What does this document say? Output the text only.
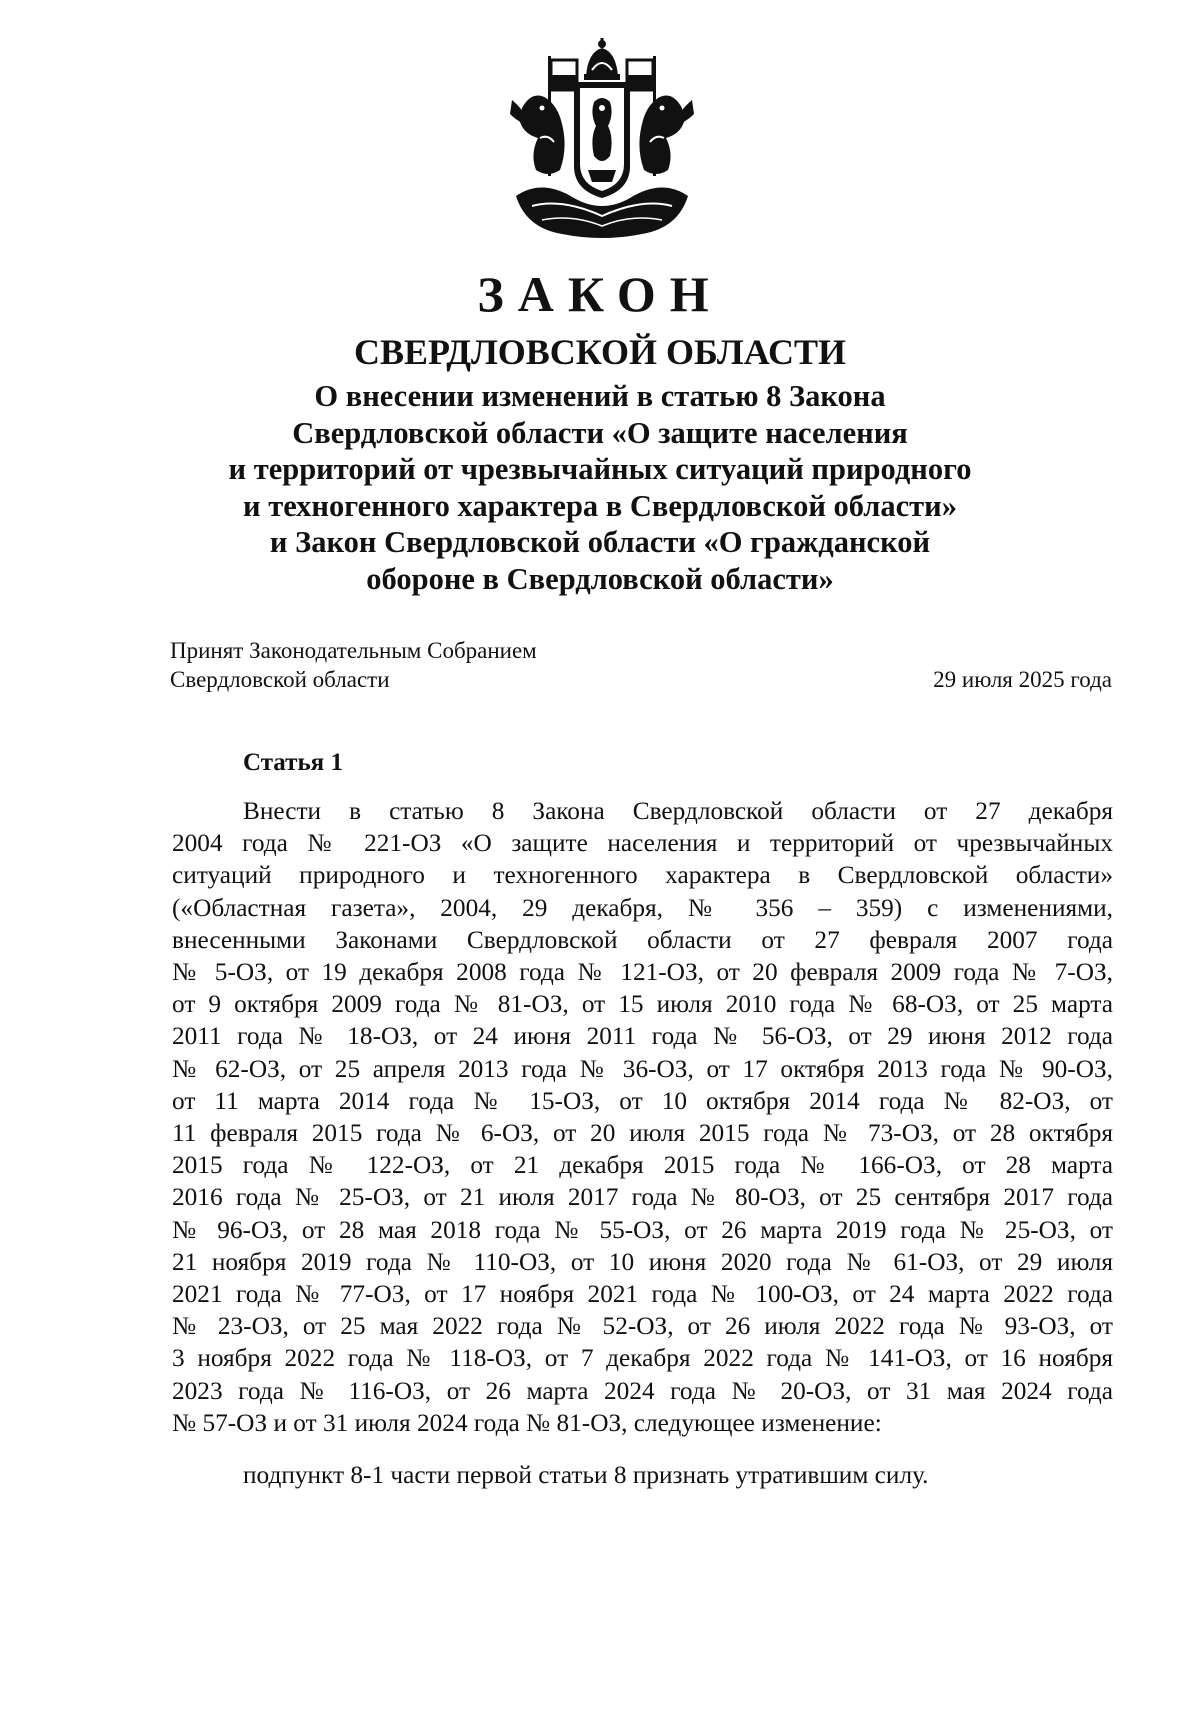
ЗАКОН
СВЕРДЛОВСКОЙ ОБЛАСТИ
О внесении изменений в статью 8 Закона
Свердловской области «О защите населения
и территорий от чрезвычайных ситуаций природного
и техногенного характера в Свердловской области»
и Закон Свердловской области «О гражданской
обороне в Свердловской области»
Принят Законодательным Собранием
Свердловской области	29 июля 2025 года
Статья 1
Внести в статью 8 Закона Свердловской области от 27 декабря
2004 года № 221-ОЗ «О защите населения и территорий от чрезвычайных
ситуаций природного и техногенного характера в Свердловской области»
(«Областная газета», 2004, 29 декабря, № 356 – 359) с изменениями,
внесенными Законами Свердловской области от 27 февраля 2007 года
№ 5-ОЗ, от 19 декабря 2008 года № 121-ОЗ, от 20 февраля 2009 года № 7-ОЗ,
от 9 октября 2009 года № 81-ОЗ, от 15 июля 2010 года № 68-ОЗ, от 25 марта
2011 года № 18-ОЗ, от 24 июня 2011 года № 56-ОЗ, от 29 июня 2012 года
№ 62-ОЗ, от 25 апреля 2013 года № 36-ОЗ, от 17 октября 2013 года № 90-ОЗ,
от 11 марта 2014 года № 15-ОЗ, от 10 октября 2014 года № 82-ОЗ, от
11 февраля 2015 года № 6-ОЗ, от 20 июля 2015 года № 73-ОЗ, от 28 октября
2015 года № 122-ОЗ, от 21 декабря 2015 года № 166-ОЗ, от 28 марта
2016 года № 25-ОЗ, от 21 июля 2017 года № 80-ОЗ, от 25 сентября 2017 года
№ 96-ОЗ, от 28 мая 2018 года № 55-ОЗ, от 26 марта 2019 года № 25-ОЗ, от
21 ноября 2019 года № 110-ОЗ, от 10 июня 2020 года № 61-ОЗ, от 29 июля
2021 года № 77-ОЗ, от 17 ноября 2021 года № 100-ОЗ, от 24 марта 2022 года
№ 23-ОЗ, от 25 мая 2022 года № 52-ОЗ, от 26 июля 2022 года № 93-ОЗ, от
3 ноября 2022 года № 118-ОЗ, от 7 декабря 2022 года № 141-ОЗ, от 16 ноября
2023 года № 116-ОЗ, от 26 марта 2024 года № 20-ОЗ, от 31 мая 2024 года
№ 57-ОЗ и от 31 июля 2024 года № 81-ОЗ, следующее изменение:
подпункт 8-1 части первой статьи 8 признать утратившим силу.
